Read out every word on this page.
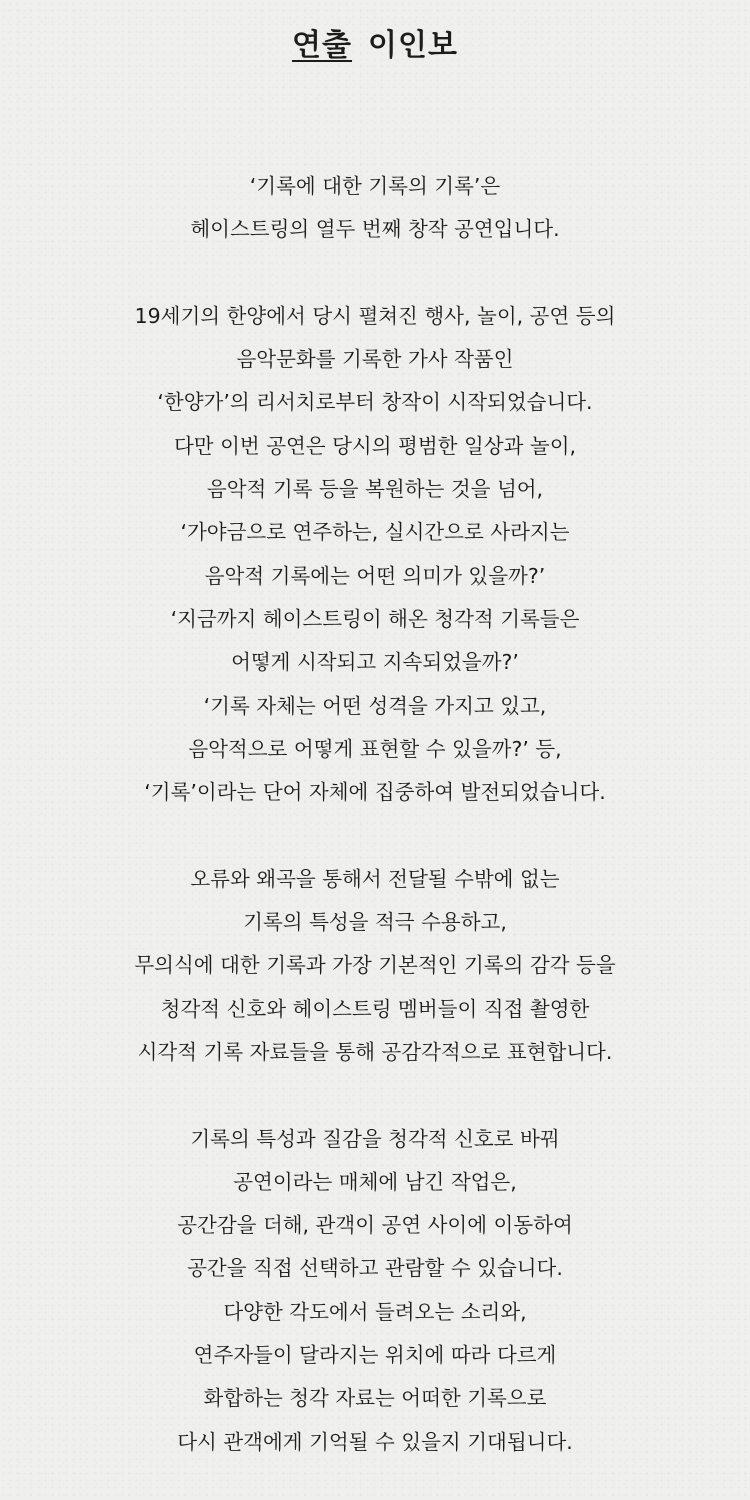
연출 이인보
‘기록에 대한 기록의 기록’은
헤이스트링의 열두 번째 창작 공연입니다.
19세기의 한양에서 당시 펼쳐진 행사, 놀이, 공연 등의
음악문화를 기록한 가사 작품인
‘한양가’의 리서치로부터 창작이 시작되었습니다.
다만 이번 공연은 당시의 평범한 일상과 놀이,
음악적 기록 등을 복원하는 것을 넘어,
‘가야금으로 연주하는, 실시간으로 사라지는
음악적 기록에는 어떤 의미가 있을까?’
‘지금까지 헤이스트링이 해온 청각적 기록들은
어떻게 시작되고 지속되었을까?’
‘기록 자체는 어떤 성격을 가지고 있고,
음악적으로 어떻게 표현할 수 있을까?’ 등,
‘기록’이라는 단어 자체에 집중하여 발전되었습니다.
오류와 왜곡을 통해서 전달될 수밖에 없는
기록의 특성을 적극 수용하고,
무의식에 대한 기록과 가장 기본적인 기록의 감각 등을
청각적 신호와 헤이스트링 멤버들이 직접 촬영한
시각적 기록 자료들을 통해 공감각적으로 표현합니다.
기록의 특성과 질감을 청각적 신호로 바꿔
공연이라는 매체에 남긴 작업은,
공간감을 더해, 관객이 공연 사이에 이동하여
공간을 직접 선택하고 관람할 수 있습니다.
다양한 각도에서 들려오는 소리와,
연주자들이 달라지는 위치에 따라 다르게
화합하는 청각 자료는 어떠한 기록으로
다시 관객에게 기억될 수 있을지 기대됩니다.
